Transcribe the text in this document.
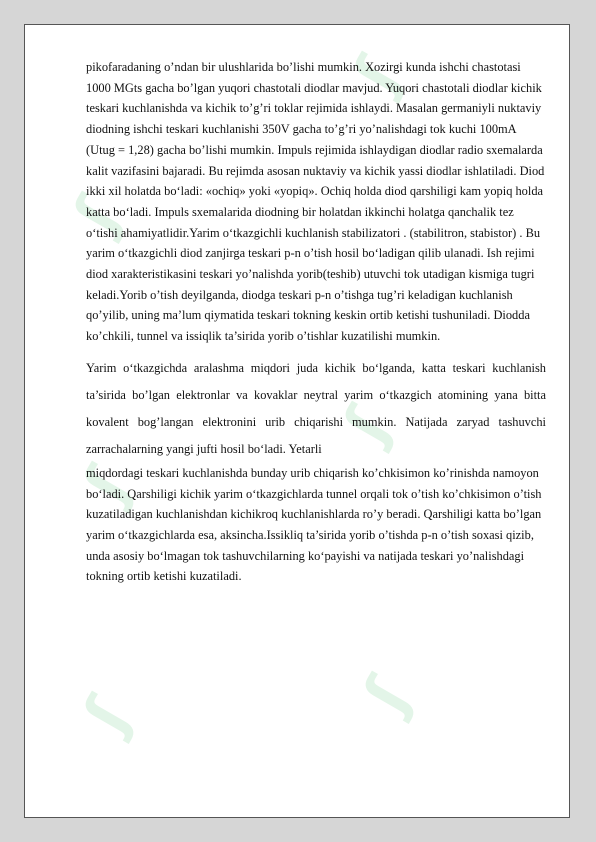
ʃ
ʃ
ʃ
ʃ
ʃ
ʃ

pikofaradaning o’ndan bir ulushlarida bo’lishi mumkin. Xozirgi kunda ishchi chastotasi 1000 MGts gacha bo’lgan yuqori chastotali diodlar mavjud. Yuqori chastotali diodlar kichik teskari kuchlanishda va kichik to’g’ri toklar rejimida ishlaydi. Masalan germaniyli nuktaviy diodning ishchi teskari kuchlanishi 350V gacha to’g’ri yo’nalishdagi tok kuchi 100mA (Utug = 1,28) gacha bo’lishi mumkin. Impuls rejimida ishlaydigan diodlar radio sxemalarda kalit vazifasini bajaradi. Bu rejimda asosan nuktaviy va kichik yassi diodlar ishlatiladi. Diod ikki xil holatda bo‘ladi: «ochiq» yoki «yopiq». Ochiq holda diod qarshiligi kam yopiq holda katta bo‘ladi. Impuls sxemalarida diodning bir holatdan ikkinchi holatga qanchalik tez o‘tishi ahamiyatlidir.Yarim o‘tkazgichli kuchlanish stabilizatori . (stabilitron, stabistor) . Bu yarim o‘tkazgichli diod zanjirga teskari p-n o’tish hosil bo‘ladigan qilib ulanadi. Ish rejimi diod xarakteristikasini teskari yo’nalishda yorib(teshib) utuvchi tok utadigan kismiga tugri keladi.Yorib o’tish deyilganda, diodga teskari p-n o’tishga tug’ri keladigan kuchlanish qo’yilib, uning ma’lum qiymatida teskari tokning keskin ortib ketishi tushuniladi. Diodda ko’chkili, tunnel va issiqlik ta’sirida yorib o’tishlar kuzatilishi mumkin.

Yarim o‘tkazgichda aralashma miqdori juda kichik bo‘lganda, katta teskari kuchlanish ta’sirida bo’lgan elektronlar va kovaklar neytral yarim o‘tkazgich atomining yana bitta kovalent bog’langan elektronini urib chiqarishi mumkin. Natijada zaryad tashuvchi zarrachalarning yangi jufti hosil bo‘ladi. Yetarli

miqdordagi teskari kuchlanishda bunday urib chiqarish ko’chkisimon ko’rinishda namoyon bo‘ladi. Qarshiligi kichik yarim o‘tkazgichlarda tunnel orqali tok o’tish ko’chkisimon o’tish kuzatiladigan kuchlanishdan kichikroq kuchlanishlarda ro’y beradi. Qarshiligi katta bo’lgan yarim o‘tkazgichlarda esa, aksincha.Issikliq ta’sirida yorib o’tishda p-n o’tish soxasi qizib, unda asosiy bo‘lmagan tok tashuvchilarning ko‘payishi va natijada teskari yo’nalishdagi tokning ortib ketishi kuzatiladi.
